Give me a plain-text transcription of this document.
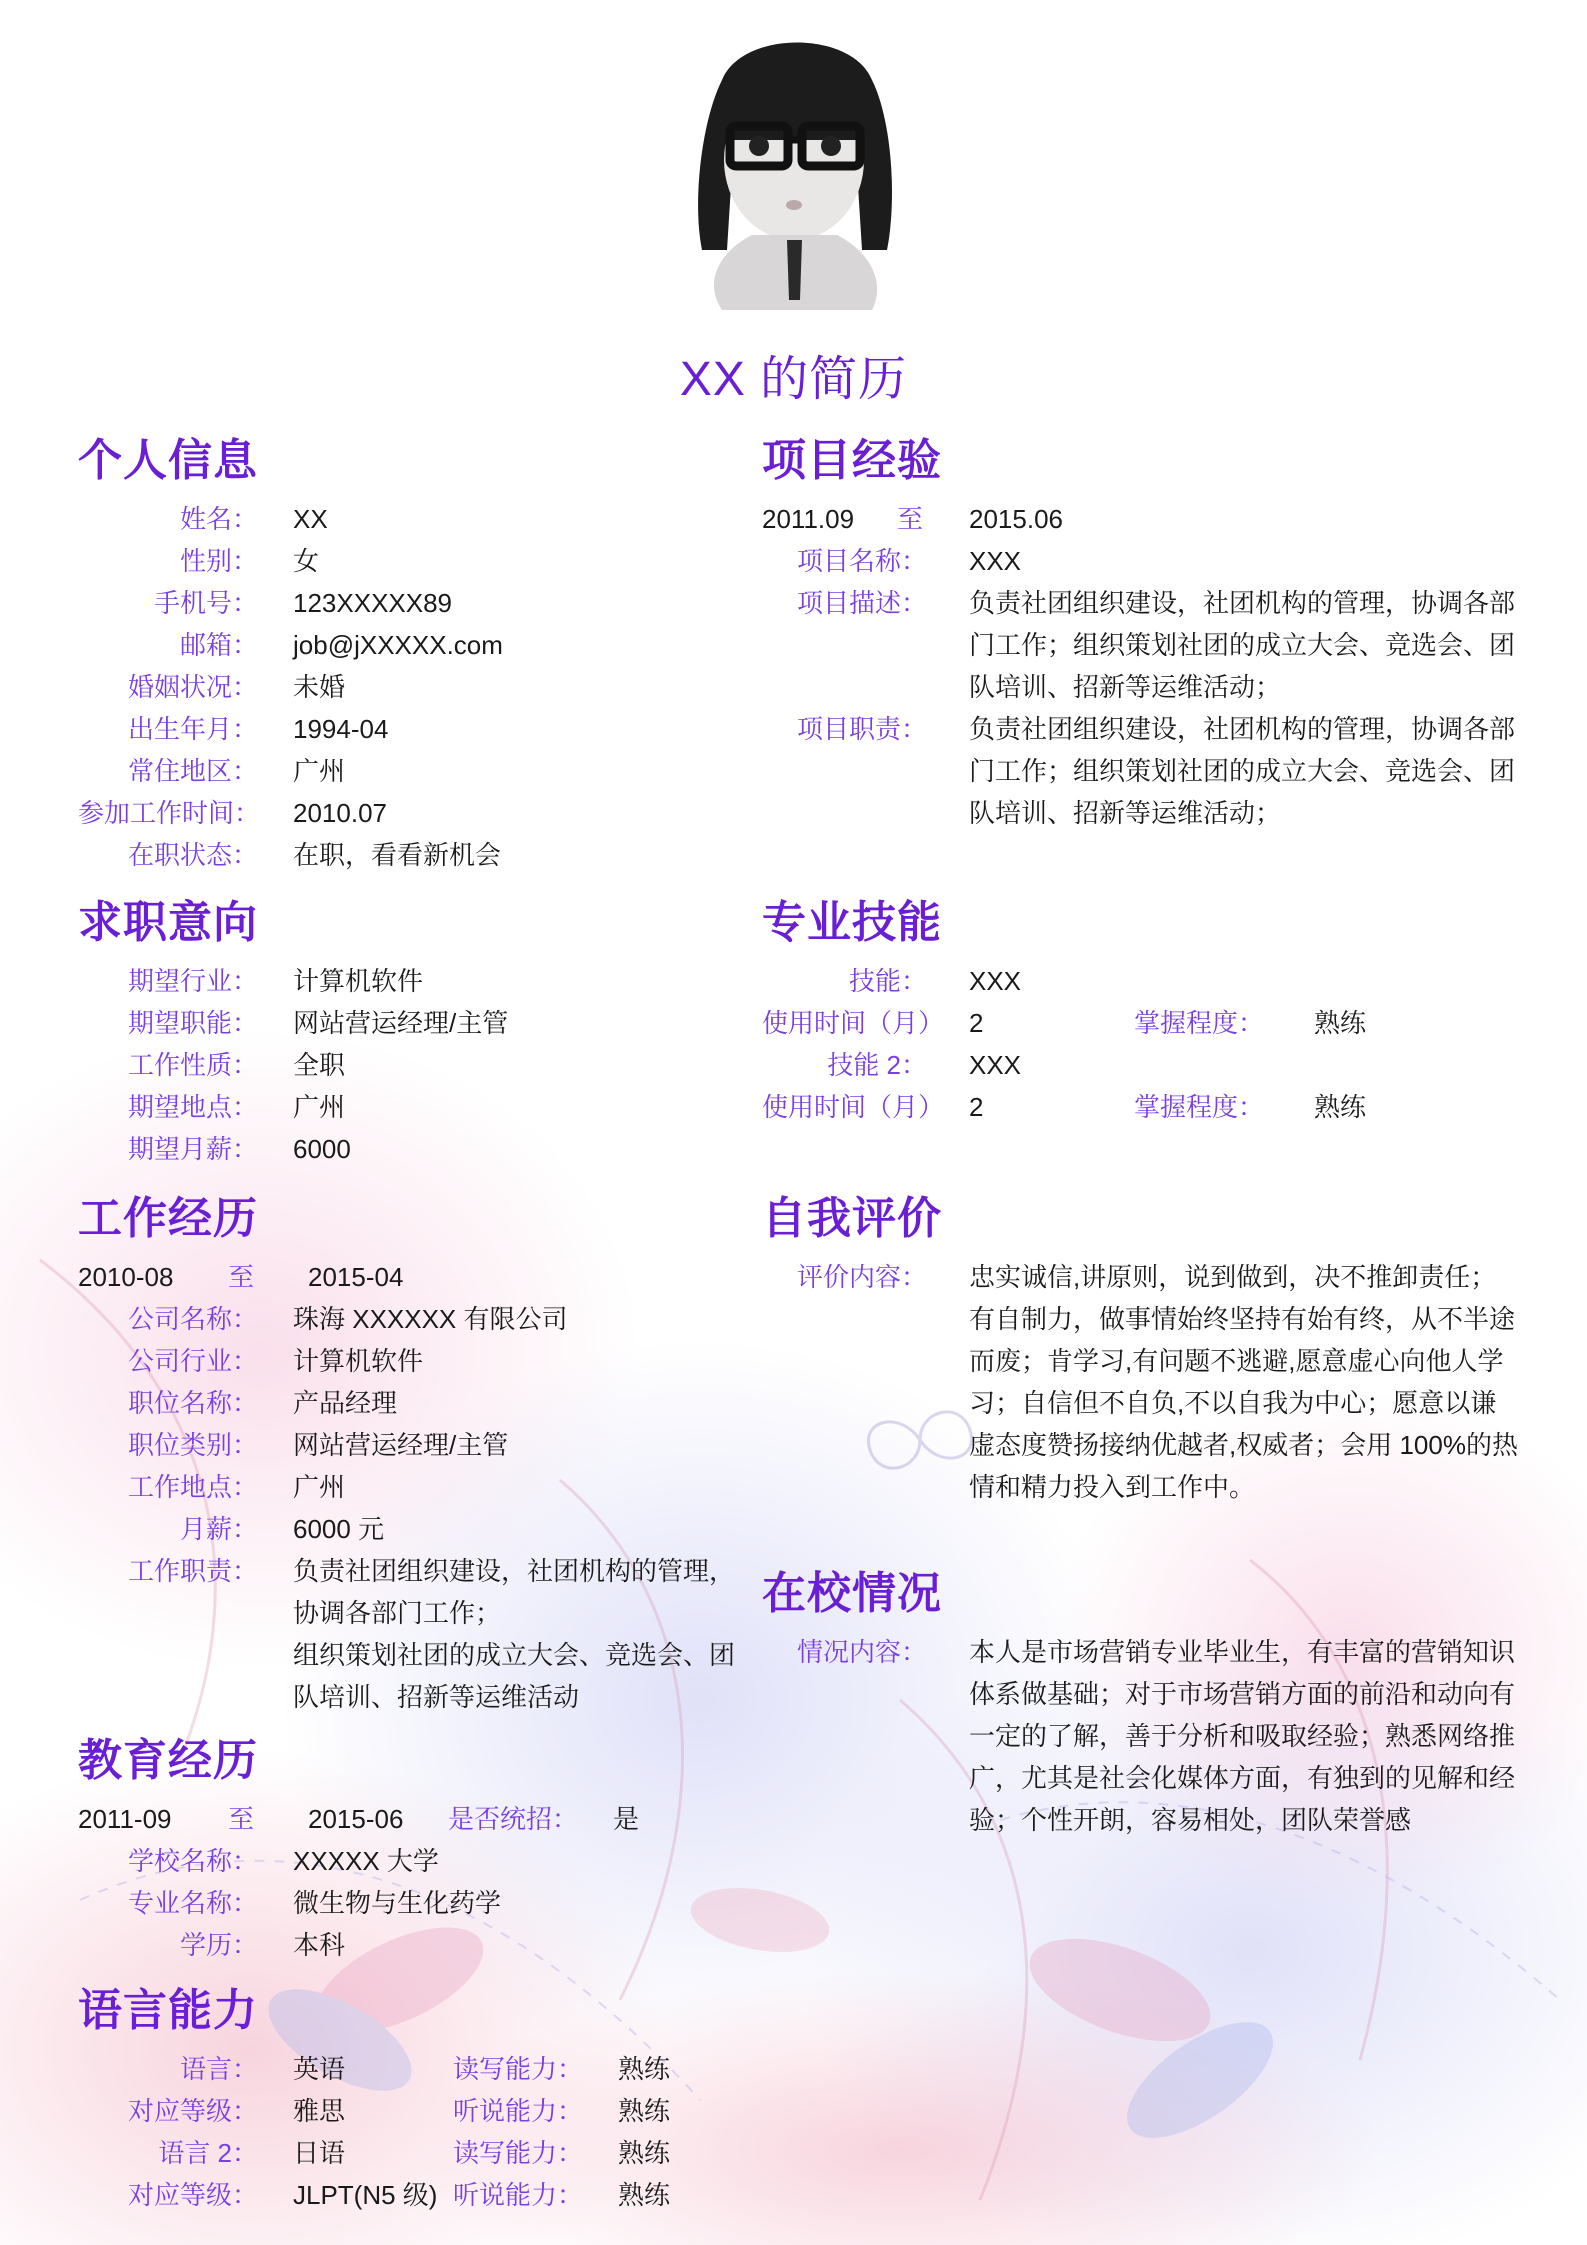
XX 的简历
个人信息
姓名： XX
性别： 女
手机号： 123XXXXX89
邮箱： job@jXXXXX.com
婚姻状况： 未婚
出生年月： 1994-04
常住地区： 广州
参加工作时间： 2010.07
在职状态： 在职，看看新机会
求职意向
期望行业： 计算机软件
期望职能： 网站营运经理/主管
工作性质： 全职
期望地点： 广州
期望月薪： 6000
工作经历
2010-08	至	2015-04
公司名称： 珠海 XXXXXX 有限公司
公司行业： 计算机软件
职位名称： 产品经理
职位类别： 网站营运经理/主管
工作地点： 广州
月薪： 6000 元
工作职责： 负责社团组织建设，社团机构的管理，协调各部门工作；
组织策划社团的成立大会、竞选会、团队培训、招新等运维活动
教育经历
2011-09	至	2015-06	是否统招：	是
学校名称： XXXXX 大学
专业名称： 微生物与生化药学
学历： 本科
语言能力
语言： 英语	读写能力：	熟练
对应等级： 雅思	听说能力：	熟练
语言 2： 日语	读写能力：	熟练
对应等级： JLPT(N5 级) 听说能力：	熟练
项目经验
2011.09	至	2015.06
项目名称： XXX
项目描述： 负责社团组织建设，社团机构的管理，协调各部门工作；组织策划社团的成立大会、竞选会、团队培训、招新等运维活动；
项目职责： 负责社团组织建设，社团机构的管理，协调各部门工作；组织策划社团的成立大会、竞选会、团队培训、招新等运维活动；
专业技能
技能： XXX
使用时间（月） 2	掌握程度：	熟练
技能 2： XXX
使用时间（月） 2	掌握程度：	熟练
自我评价
评价内容： 忠实诚信,讲原则，说到做到，决不推卸责任；有自制力，做事情始终坚持有始有终，从不半途而废；肯学习,有问题不逃避,愿意虚心向他人学习；自信但不自负,不以自我为中心；愿意以谦虚态度赞扬接纳优越者,权威者；会用 100%的热情和精力投入到工作中。
在校情况
情况内容： 本人是市场营销专业毕业生，有丰富的营销知识体系做基础；对于市场营销方面的前沿和动向有一定的了解，善于分析和吸取经验；熟悉网络推广，尤其是社会化媒体方面，有独到的见解和经验；个性开朗，容易相处，团队荣誉感
